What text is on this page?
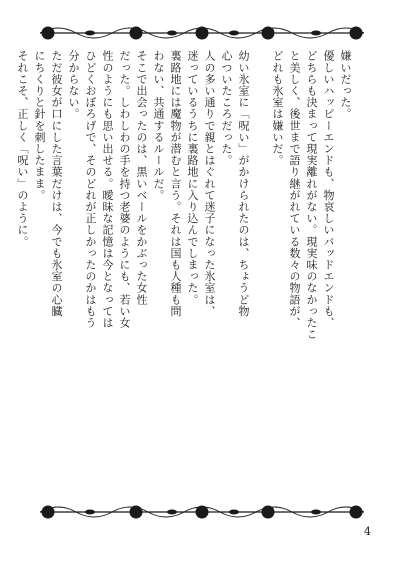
嫌いだった。

優しいハッピーエンドも、物哀しいバッドエンドも、

どちらも決まって現実離れがない。現実味のなかったこ

と美しく、後世まで語り継がれている数々の物語が、

どれも氷室は嫌いだ。

幼い氷室に「呪い」がかけられたのは、ちょうど物

心ついたころだった。

人の多い通りで親とはぐれて迷子になった氷室は、

迷っているうちに裏路地に入り込んでしまった。

裏路地には魔物が潜むと言う。それは国も人種も問

わない、共通するルールだ。

そこで出会ったのは、黒いベールをかぶった女性

だった。しわしわの手を持つ老婆のようにも、若い女

性のようにも思い出せる。曖昧な記憶は今となっては

ひどくおぼろげで、そのどれが正しかったのかはもう

分からない。

ただ彼女が口にした言葉だけは、今でも氷室の心臓

にちくりと針を刺したまま。

それこそ、正しく「呪い」のように。

4
